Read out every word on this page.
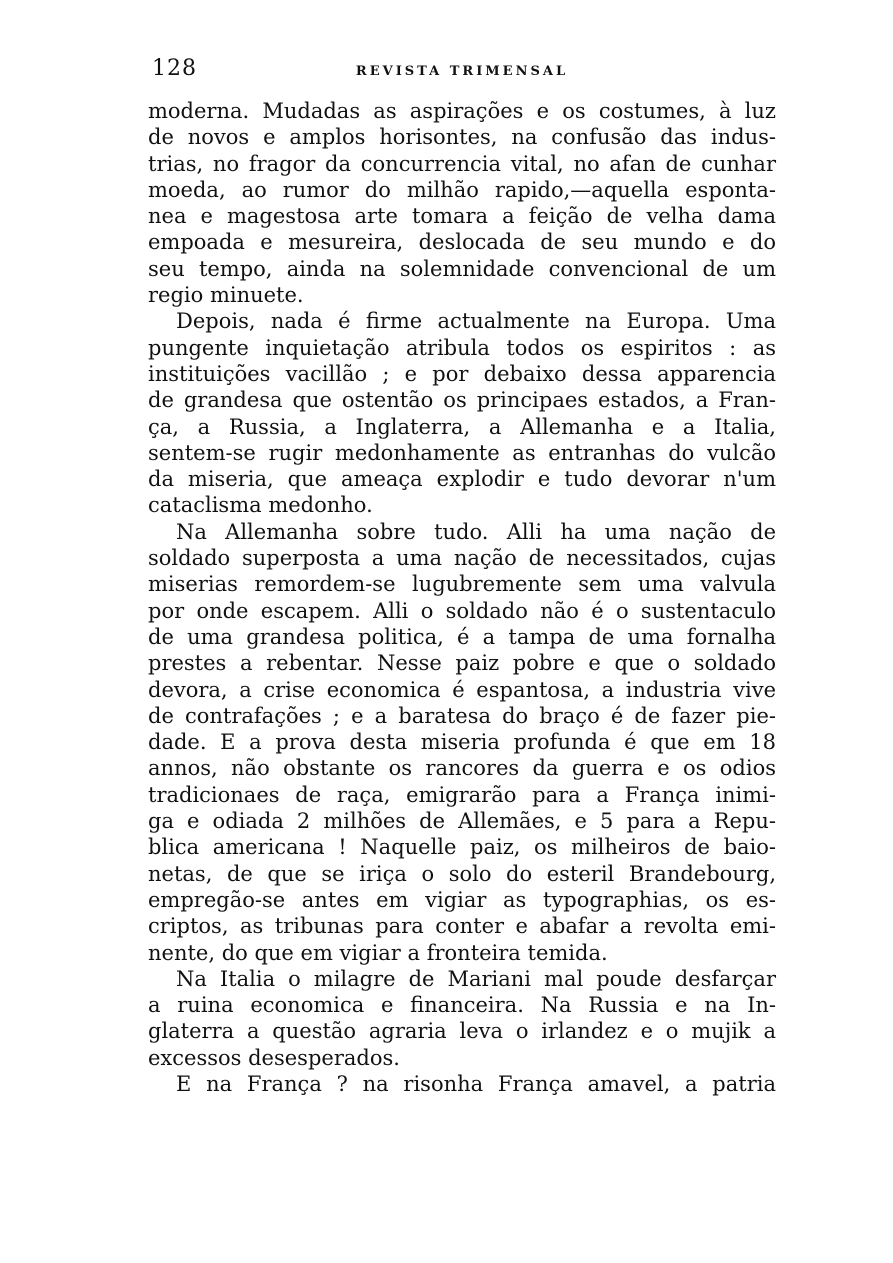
128	REVISTA TRIMENSAL
moderna. Mudadas as aspirações e os costumes, à luz
de novos e amplos horisontes, na confusão das indus-
trias, no fragor da concurrencia vital, no afan de cunhar
moeda, ao rumor do milhão rapido,—aquella esponta-
nea e magestosa arte tomara a feição de velha dama
empoada e mesureira, deslocada de seu mundo e do
seu tempo, ainda na solemnidade convencional de um
regio minuete.
Depois, nada é firme actualmente na Europa. Uma
pungente inquietação atribula todos os espiritos : as
instituições vacillão ; e por debaixo dessa apparencia
de grandesa que ostentão os principaes estados, a Fran-
ça, a Russia, a Inglaterra, a Allemanha e a Italia,
sentem-se rugir medonhamente as entranhas do vulcão
da miseria, que ameaça explodir e tudo devorar n'um
cataclisma medonho.
Na Allemanha sobre tudo. Alli ha uma nação de
soldado superposta a uma nação de necessitados, cujas
miserias remordem-se lugubremente sem uma valvula
por onde escapem. Alli o soldado não é o sustentaculo
de uma grandesa politica, é a tampa de uma fornalha
prestes a rebentar. Nesse paiz pobre e que o soldado
devora, a crise economica é espantosa, a industria vive
de contrafações ; e a baratesa do braço é de fazer pie-
dade. E a prova desta miseria profunda é que em 18
annos, não obstante os rancores da guerra e os odios
tradicionaes de raça, emigrarão para a França inimi-
ga e odiada 2 milhões de Allemães, e 5 para a Repu-
blica americana ! Naquelle paiz, os milheiros de baio-
netas, de que se iriça o solo do esteril Brandebourg,
empregão-se antes em vigiar as typographias, os es-
criptos, as tribunas para conter e abafar a revolta emi-
nente, do que em vigiar a fronteira temida.
Na Italia o milagre de Mariani mal poude desfarçar
a ruina economica e financeira. Na Russia e na In-
glaterra a questão agraria leva o irlandez e o mujik a
excessos desesperados.
E na França ? na risonha França amavel, a patria
